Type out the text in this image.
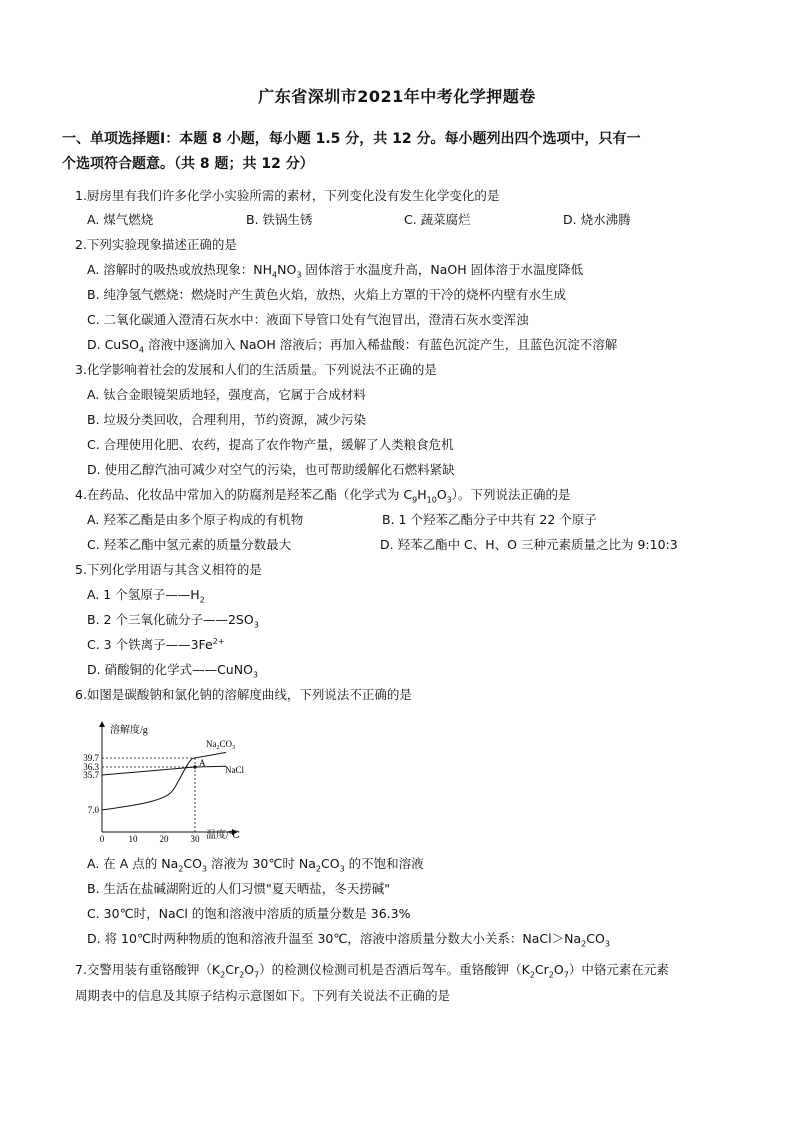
广东省深圳市2021年中考化学押题卷
一、单项选择题Ⅰ：本题 8 小题，每小题 1.5 分，共 12 分。每小题列出四个选项中，只有一
个选项符合题意。（共 8 题；共 12 分）
1.厨房里有我们许多化学小实验所需的素材，下列变化没有发生化学变化的是
A. 煤气燃烧	B. 铁锅生锈	C. 蔬菜腐烂	D. 烧水沸腾
2.下列实验现象描述正确的是
A. 溶解时的吸热或放热现象：$NH_4NO_3$ 固体溶于水温度升高，NaOH 固体溶于水温度降低
B. 纯净氢气燃烧：燃烧时产生黄色火焰，放热，火焰上方罩的干冷的烧杯内壁有水生成
C. 二氧化碳通入澄清石灰水中：液面下导管口处有气泡冒出，澄清石灰水变浑浊
D. CuSO$_4$ 溶液中逐滴加入 NaOH 溶液后；再加入稀盐酸：有蓝色沉淀产生，且蓝色沉淀不溶解
3.化学影响着社会的发展和人们的生活质量。下列说法不正确的是
A. 钛合金眼镜架质地轻，强度高，它属于合成材料
B. 垃圾分类回收，合理利用，节约资源，减少污染
C. 合理使用化肥、农药，提高了农作物产量，缓解了人类粮食危机
D. 使用乙醇汽油可减少对空气的污染，也可帮助缓解化石燃料紧缺
4.在药品、化妆品中常加入的防腐剂是羟苯乙酯（化学式为 $C_9H_{10}O_3$）。下列说法正确的是
A. 羟苯乙酯是由多个原子构成的有机物	B. 1 个羟苯乙酯分子中共有 22 个原子
C. 羟苯乙酯中氢元素的质量分数最大	D. 羟苯乙酯中 C、H、O 三种元素质量之比为 9:10:3
5.下列化学用语与其含义相符的是
A. 1 个氢原子$——H_2$
B. 2 个三氧化硫分子$——2SO_3$
C. 3 个铁离子$——3Fe^{2+}$
D. 硝酸铜的化学式——CuNO$_3$
6.如图是碳酸钠和氯化钠的溶解度曲线，下列说法不正确的是
溶解度/g
温度/℃
7.0
35.7
36.3
39.7
0	10 20 30
A
$Na_2CO_3$
NaCl
A. 在 A 点的 $Na_2CO_3$ 溶液为 30℃时 $Na_2CO_3$ 的不饱和溶液
B. 生活在盐碱湖附近的人们习惯"夏天晒盐，冬天捞碱"
C. 30℃时，NaCl 的饱和溶液中溶质的质量分数是 36.3%
D. 将 10℃时两种物质的饱和溶液升温至 30℃，溶液中溶质量分数大小关系：$NaCl>Na_2CO_3$
7.交警用装有重铬酸钾$(K_2Cr_2O_7)$的检测仪检测司机是否酒后驾车。重铬酸钾$(K_2Cr_2O_7)$中铬元素在元素
周期表中的信息及其原子结构示意图如下。下列有关说法不正确的是
